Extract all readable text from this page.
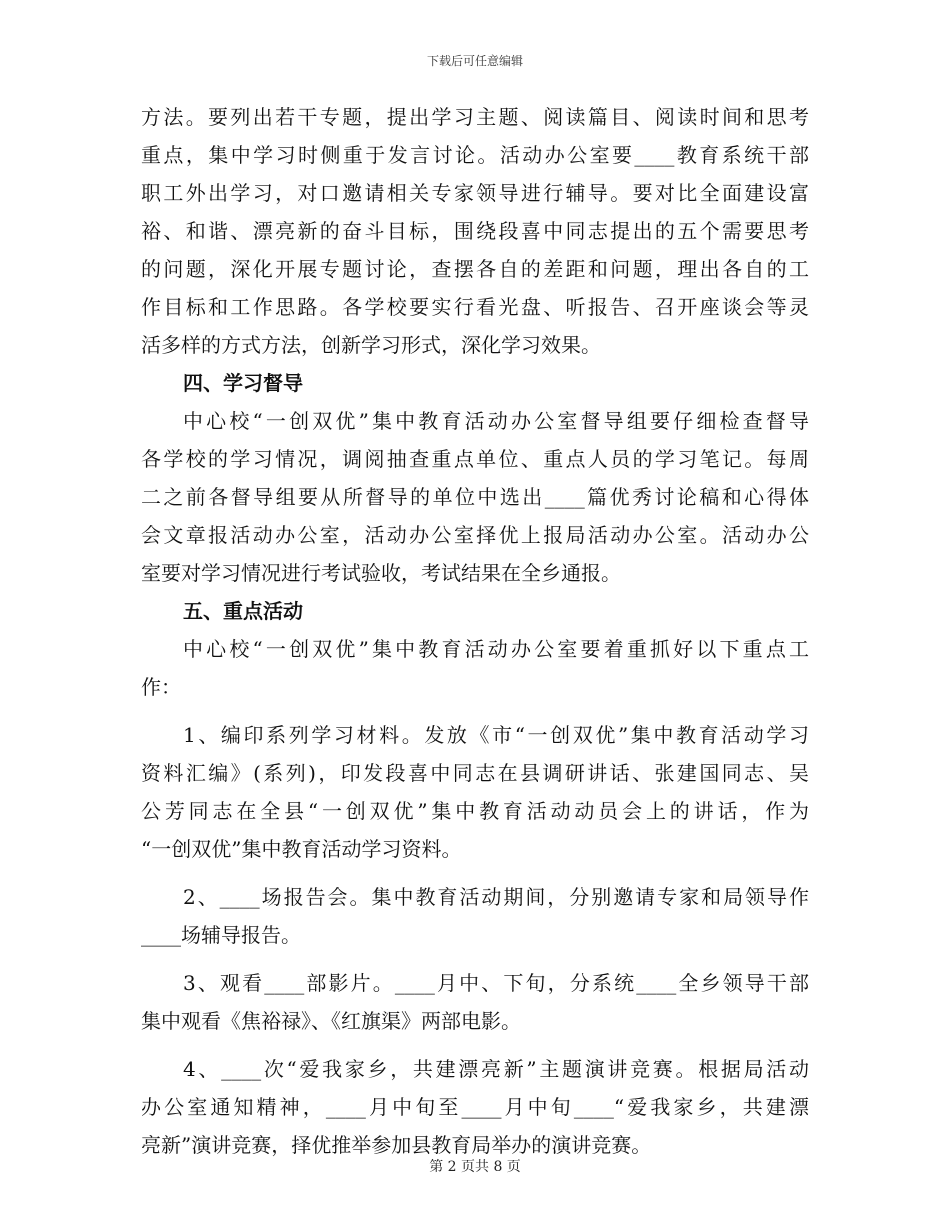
下载后可任意编辑
方法。要列出若干专题，提出学习主题、阅读篇目、阅读时间和思考
重点，集中学习时侧重于发言讨论。活动办公室要____教育系统干部
职工外出学习，对口邀请相关专家领导进行辅导。要对比全面建设富
裕、和谐、漂亮新的奋斗目标，围绕段喜中同志提出的五个需要思考
的问题，深化开展专题讨论，查摆各自的差距和问题，理出各自的工
作目标和工作思路。各学校要实行看光盘、听报告、召开座谈会等灵
活多样的方式方法，创新学习形式，深化学习效果。
四、学习督导
中心校“一创双优”集中教育活动办公室督导组要仔细检查督导
各学校的学习情况，调阅抽查重点单位、重点人员的学习笔记。每周
二之前各督导组要从所督导的单位中选出____篇优秀讨论稿和心得体
会文章报活动办公室，活动办公室择优上报局活动办公室。活动办公
室要对学习情况进行考试验收，考试结果在全乡通报。
五、重点活动
中心校“一创双优”集中教育活动办公室要着重抓好以下重点工
作：
1、编印系列学习材料。发放《市“一创双优”集中教育活动学习
资料汇编》(系列)，印发段喜中同志在县调研讲话、张建国同志、吴
公芳同志在全县“一创双优”集中教育活动动员会上的讲话，作为
“一创双优”集中教育活动学习资料。
2、____场报告会。集中教育活动期间，分别邀请专家和局领导作
____场辅导报告。
3、观看____部影片。____月中、下旬，分系统____全乡领导干部
集中观看《焦裕禄》、《红旗渠》两部电影。
4、____次“爱我家乡，共建漂亮新”主题演讲竞赛。根据局活动
办公室通知精神，____月中旬至____月中旬____“爱我家乡，共建漂
亮新”演讲竞赛，择优推举参加县教育局举办的演讲竞赛。
第 2 页共 8 页
